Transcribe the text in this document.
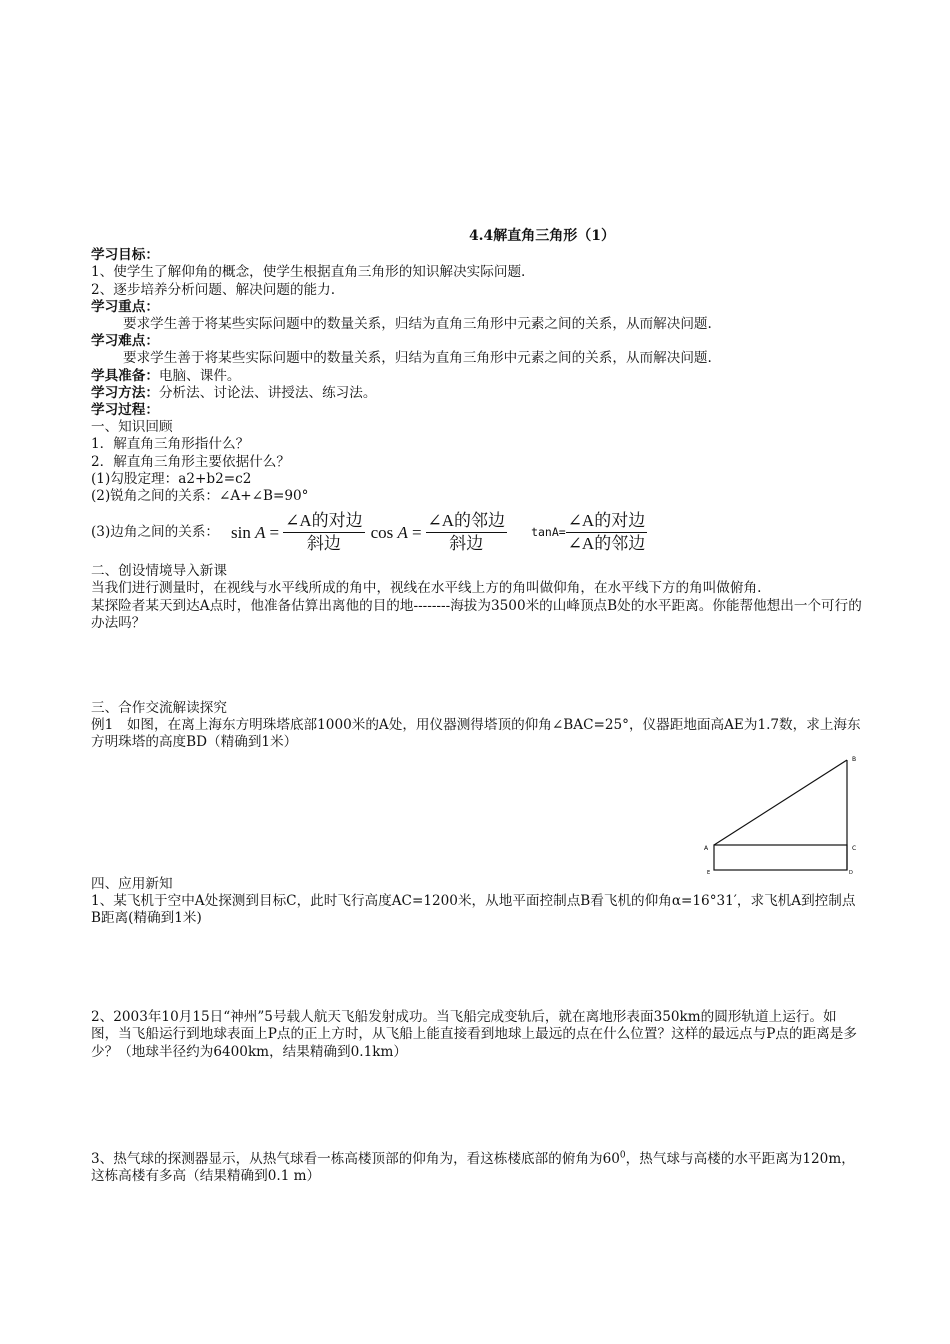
4.4解直角三角形（1）
学习目标：
1、使学生了解仰角的概念，使学生根据直角三角形的知识解决实际问题.
2、逐步培养分析问题、解决问题的能力.
学习重点：
要求学生善于将某些实际问题中的数量关系，归结为直角三角形中元素之间的关系，从而解决问题.
学习难点：
要求学生善于将某些实际问题中的数量关系，归结为直角三角形中元素之间的关系，从而解决问题.
学具准备：电脑、课件。
学习方法：分析法、讨论法、讲授法、练习法。
学习过程：
一、知识回顾
1．解直角三角形指什么？
2．解直角三角形主要依据什么？
(1)勾股定理：a2+b2=c2
(2)锐角之间的关系：∠A+∠B=90°
(3)边角之间的关系： $\sin A = \frac{\text{∠A的对边}}{\text{斜边}}$ $\cos A = \frac{\text{∠A的邻边}}{\text{斜边}} \tan A= \frac{\text{∠A的对边}}{\text{∠A的邻边}}$
二、创设情境导入新课
当我们进行测量时，在视线与水平线所成的角中，视线在水平线上方的角叫做仰角，在水平线下方的角叫做俯角.
某探险者某天到达A点时，他准备估算出离他的目的地--------海拔为3500米的山峰顶点B处的水平距离。你能帮他想出一个可行的办法吗？
三、合作交流解读探究
例1　如图，在离上海东方明珠塔底部1000米的A处，用仪器测得塔顶的仰角∠BAC=25°，仪器距地面高AE为1.7数，求上海东方明珠塔的高度BD（精确到1米）
四、应用新知
1、某飞机于空中A处探测到目标C，此时飞行高度AC=1200米，从地平面控制点B看飞机的仰角α=16°31′，求飞机A到控制点B距离(精确到1米)
2、2003年10月15日“神州”5号载人航天飞船发射成功。当飞船完成变轨后，就在离地形表面350km的圆形轨道上运行。如图，当飞船运行到地球表面上P点的正上方时，从飞船上能直接看到地球上最远的点在什么位置？这样的最远点与P点的距离是多少？（地球半径约为6400km，结果精确到0.1km）
3、热气球的探测器显示，从热气球看一栋高楼顶部的仰角为，看这栋楼底部的俯角为$60^0$，热气球与高楼的水平距离为120m，这栋高楼有多高（结果精确到0.1 m）
B
A	C
E	D
